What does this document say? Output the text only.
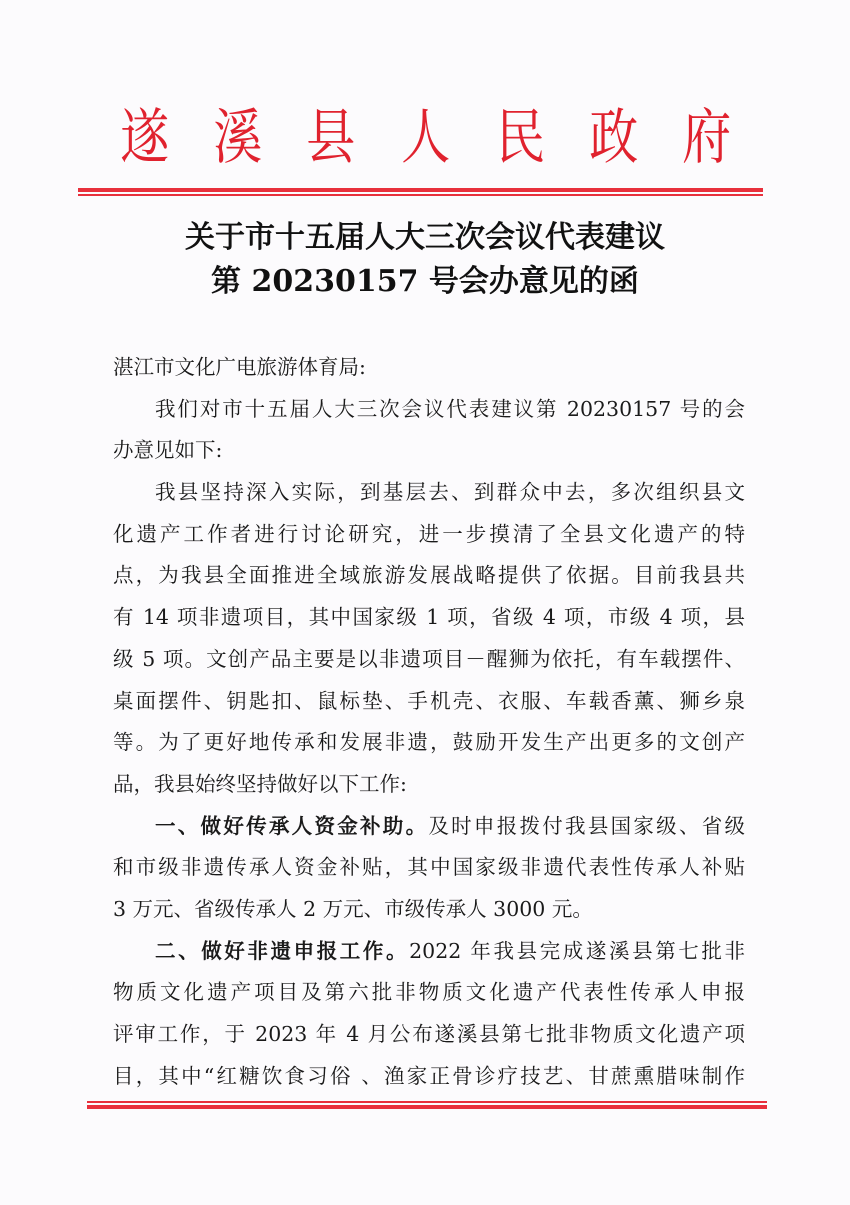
遂 溪 县 人 民 政 府
关于市十五届人大三次会议代表建议
第 20230157 号会办意见的函
湛江市文化广电旅游体育局:
我们对市十五届人大三次会议代表建议第 20230157 号的会
办意见如下:
我县坚持深入实际，到基层去、到群众中去，多次组织县文
化遗产工作者进行讨论研究，进一步摸清了全县文化遗产的特
点，为我县全面推进全域旅游发展战略提供了依据。目前我县共
有 14 项非遗项目，其中国家级 1 项，省级 4 项，市级 4 项，县
级 5 项。文创产品主要是以非遗项目－醒狮为依托，有车载摆件、
桌面摆件、钥匙扣、鼠标垫、手机壳、衣服、车载香薰、狮乡泉
等。为了更好地传承和发展非遗，鼓励开发生产出更多的文创产
品，我县始终坚持做好以下工作:
一、做好传承人资金补助。及时申报拨付我县国家级、省级
和市级非遗传承人资金补贴，其中国家级非遗代表性传承人补贴
3 万元、省级传承人 2 万元、市级传承人 3000 元。
二、做好非遗申报工作。2022 年我县完成遂溪县第七批非
物质文化遗产项目及第六批非物质文化遗产代表性传承人申报
评审工作，于 2023 年 4 月公布遂溪县第七批非物质文化遗产项
目，其中“红糖饮食习俗 、渔家正骨诊疗技艺、甘蔗熏腊味制作
